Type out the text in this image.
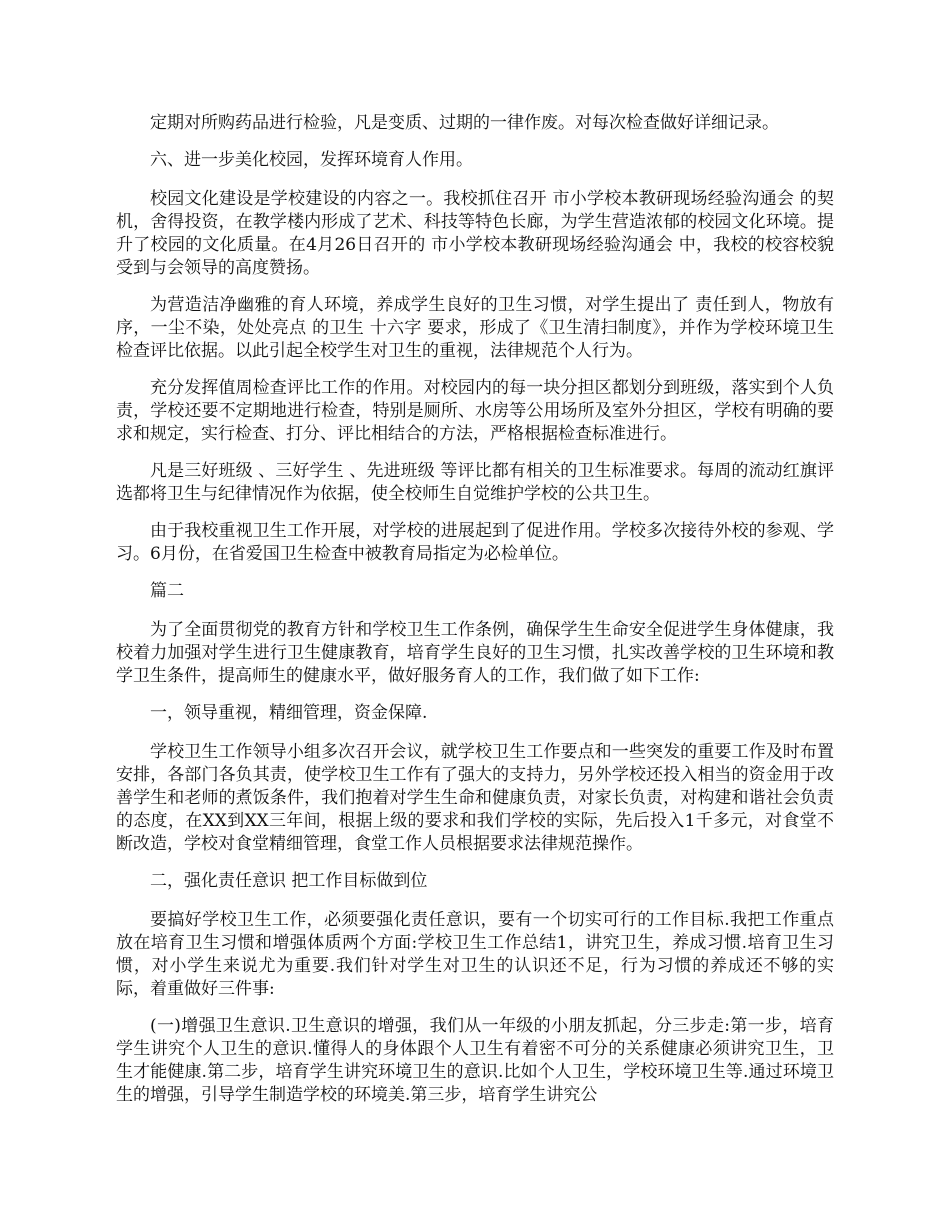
定期对所购药品进行检验，凡是变质、过期的一律作废。对每次检查做好详细记录。

六、进一步美化校园，发挥环境育人作用。

校园文化建设是学校建设的内容之一。我校抓住召开 市小学校本教研现场经验沟通会 的契机，舍得投资，在教学楼内形成了艺术、科技等特色长廊，为学生营造浓郁的校园文化环境。提升了校园的文化质量。在4月26日召开的 市小学校本教研现场经验沟通会 中，我校的校容校貌受到与会领导的高度赞扬。

为营造洁净幽雅的育人环境，养成学生良好的卫生习惯，对学生提出了 责任到人，物放有序，一尘不染，处处亮点 的卫生 十六字 要求，形成了《卫生清扫制度》，并作为学校环境卫生检查评比依据。以此引起全校学生对卫生的重视，法律规范个人行为。

充分发挥值周检查评比工作的作用。对校园内的每一块分担区都划分到班级，落实到个人负责，学校还要不定期地进行检查，特别是厕所、水房等公用场所及室外分担区，学校有明确的要求和规定，实行检查、打分、评比相结合的方法，严格根据检查标准进行。

凡是三好班级 、三好学生 、先进班级 等评比都有相关的卫生标准要求。每周的流动红旗评选都将卫生与纪律情况作为依据，使全校师生自觉维护学校的公共卫生。

由于我校重视卫生工作开展，对学校的进展起到了促进作用。学校多次接待外校的参观、学习。6月份，在省爱国卫生检查中被教育局指定为必检单位。

篇二

为了全面贯彻党的教育方针和学校卫生工作条例，确保学生生命安全促进学生身体健康，我校着力加强对学生进行卫生健康教育，培育学生良好的卫生习惯，扎实改善学校的卫生环境和教学卫生条件，提高师生的健康水平，做好服务育人的工作，我们做了如下工作:

一，领导重视，精细管理，资金保障.

学校卫生工作领导小组多次召开会议，就学校卫生工作要点和一些突发的重要工作及时布置安排，各部门各负其责，使学校卫生工作有了强大的支持力，另外学校还投入相当的资金用于改善学生和老师的煮饭条件，我们抱着对学生生命和健康负责，对家长负责，对构建和谐社会负责的态度，在XX到XX三年间，根据上级的要求和我们学校的实际，先后投入1千多元，对食堂不断改造，学校对食堂精细管理，食堂工作人员根据要求法律规范操作。

二，强化责任意识 把工作目标做到位

要搞好学校卫生工作，必须要强化责任意识，要有一个切实可行的工作目标.我把工作重点放在培育卫生习惯和增强体质两个方面:学校卫生工作总结1，讲究卫生，养成习惯.培育卫生习惯，对小学生来说尤为重要.我们针对学生对卫生的认识还不足，行为习惯的养成还不够的实际，着重做好三件事:

(一)增强卫生意识.卫生意识的增强，我们从一年级的小朋友抓起，分三步走:第一步，培育学生讲究个人卫生的意识.懂得人的身体跟个人卫生有着密不可分的关系健康必须讲究卫生，卫生才能健康.第二步，培育学生讲究环境卫生的意识.比如个人卫生，学校环境卫生等.通过环境卫生的增强，引导学生制造学校的环境美.第三步，培育学生讲究公
